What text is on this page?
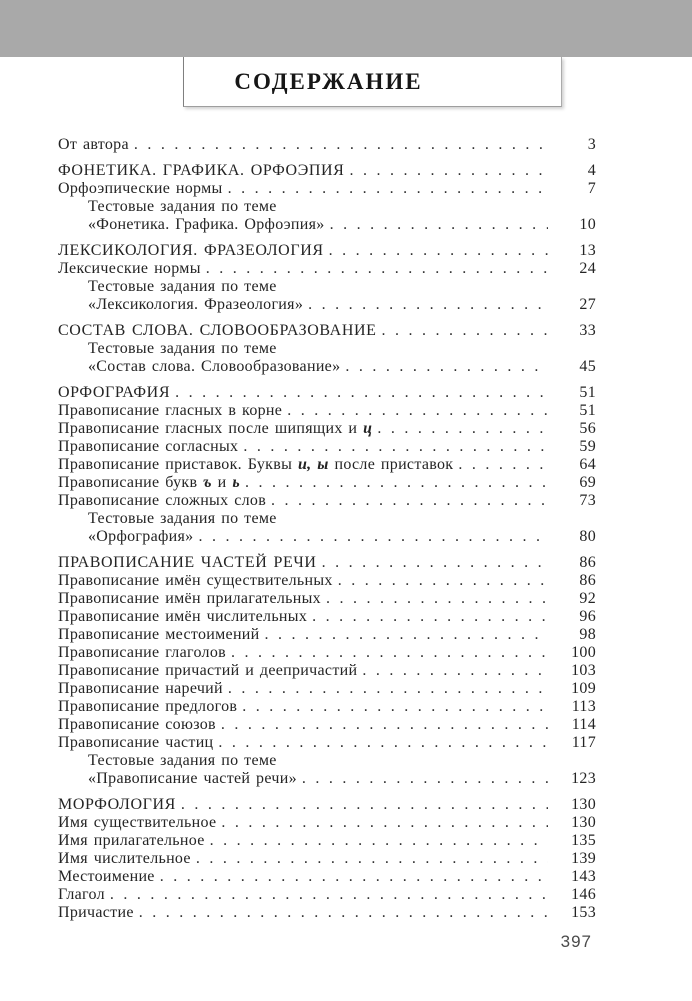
СОДЕРЖАНИЕ
От автора . . .	3
ФОНЕТИКА. ГРАФИКА. ОРФОЭПИЯ . . .	4
Орфоэпические нормы . . .	7
Тестовые задания по теме
«Фонетика. Графика. Орфоэпия» . . .	10
ЛЕКСИКОЛОГИЯ. ФРАЗЕОЛОГИЯ . . .	13
Лексические нормы . . .	24
Тестовые задания по теме
«Лексикология. Фразеология» . . .	27
СОСТАВ СЛОВА. СЛОВООБРАЗОВАНИЕ . . .	33
Тестовые задания по теме
«Состав слова. Словообразование» . . .	45
ОРФОГРАФИЯ . . .	51
Правописание гласных в корне . . .	51
Правописание гласных после шипящих и ц . . .	56
Правописание согласных . . .	59
Правописание приставок. Буквы и, ы после приставок . . .	64
Правописание букв ъ и ь . . .	69
Правописание сложных слов . . .	73
Тестовые задания по теме
«Орфография» . . .	80
ПРАВОПИСАНИЕ ЧАСТЕЙ РЕЧИ . . .	86
Правописание имён существительных . . .	86
Правописание имён прилагательных . . .	92
Правописание имён числительных . . .	96
Правописание местоимений . . .	98
Правописание глаголов . . .	100
Правописание причастий и деепричастий . . .	103
Правописание наречий . . .	109
Правописание предлогов . . .	113
Правописание союзов . . .	114
Правописание частиц . . .	117
Тестовые задания по теме
«Правописание частей речи» . . .	123
МОРФОЛОГИЯ . . .	130
Имя существительное . . .	130
Имя прилагательное . . .	135
Имя числительное . . .	139
Местоимение . . .	143
Глагол . . .	146
Причастие . . .	153
397
